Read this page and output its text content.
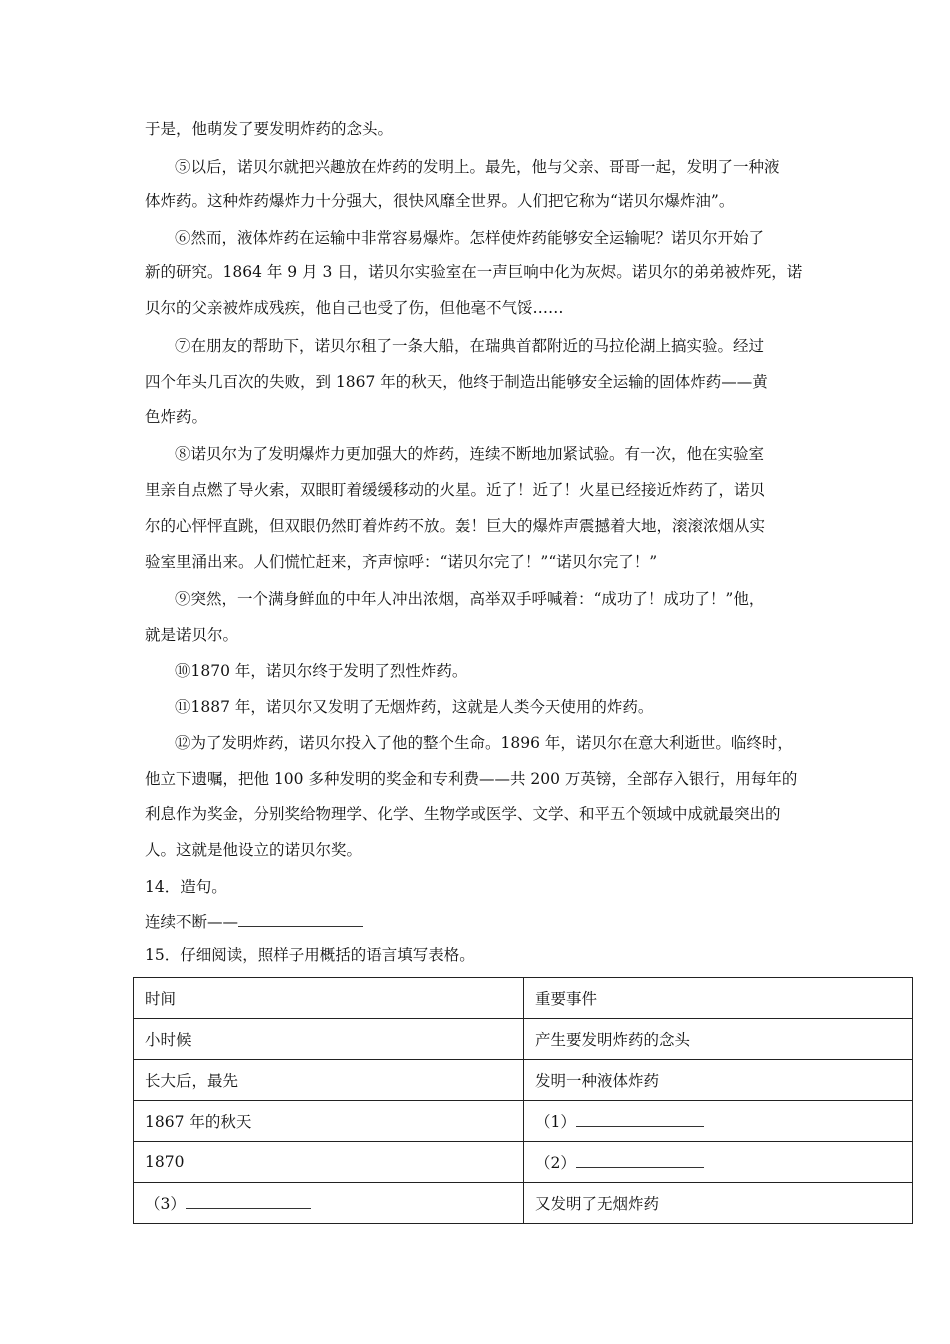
于是，他萌发了要发明炸药的念头。
⑤以后，诺贝尔就把兴趣放在炸药的发明上。最先，他与父亲、哥哥一起，发明了一种液
体炸药。这种炸药爆炸力十分强大，很快风靡全世界。人们把它称为“诺贝尔爆炸油”。
⑥然而，液体炸药在运输中非常容易爆炸。怎样使炸药能够安全运输呢？诺贝尔开始了
新的研究。1864 年 9 月 3 日，诺贝尔实验室在一声巨响中化为灰烬。诺贝尔的弟弟被炸死，诺
贝尔的父亲被炸成残疾，他自己也受了伤，但他毫不气馁……
⑦在朋友的帮助下，诺贝尔租了一条大船，在瑞典首都附近的马拉伦湖上搞实验。经过
四个年头几百次的失败，到 1867 年的秋天，他终于制造出能够安全运输的固体炸药——黄
色炸药。
⑧诺贝尔为了发明爆炸力更加强大的炸药，连续不断地加紧试验。有一次，他在实验室
里亲自点燃了导火索，双眼盯着缓缓移动的火星。近了！近了！火星已经接近炸药了，诺贝
尔的心怦怦直跳，但双眼仍然盯着炸药不放。轰！巨大的爆炸声震撼着大地，滚滚浓烟从实
验室里涌出来。人们慌忙赶来，齐声惊呼：“诺贝尔完了！”“诺贝尔完了！”
⑨突然，一个满身鲜血的中年人冲出浓烟，高举双手呼喊着：“成功了！成功了！”他，
就是诺贝尔。
⑩1870 年，诺贝尔终于发明了烈性炸药。
⑪1887 年，诺贝尔又发明了无烟炸药，这就是人类今天使用的炸药。
⑫为了发明炸药，诺贝尔投入了他的整个生命。1896 年，诺贝尔在意大利逝世。临终时，
他立下遗嘱，把他 100 多种发明的奖金和专利费——共 200 万英镑，全部存入银行，用每年的
利息作为奖金，分别奖给物理学、化学、生物学或医学、文学、和平五个领域中成就最突出的
人。这就是他设立的诺贝尔奖。
14．造句。
连续不断——
15．仔细阅读，照样子用概括的语言填写表格。
时间	重要事件
小时候	产生要发明炸药的念头
长大后，最先	发明一种液体炸药
1867 年的秋天	（1）
1870	（2）
（3）	又发明了无烟炸药
